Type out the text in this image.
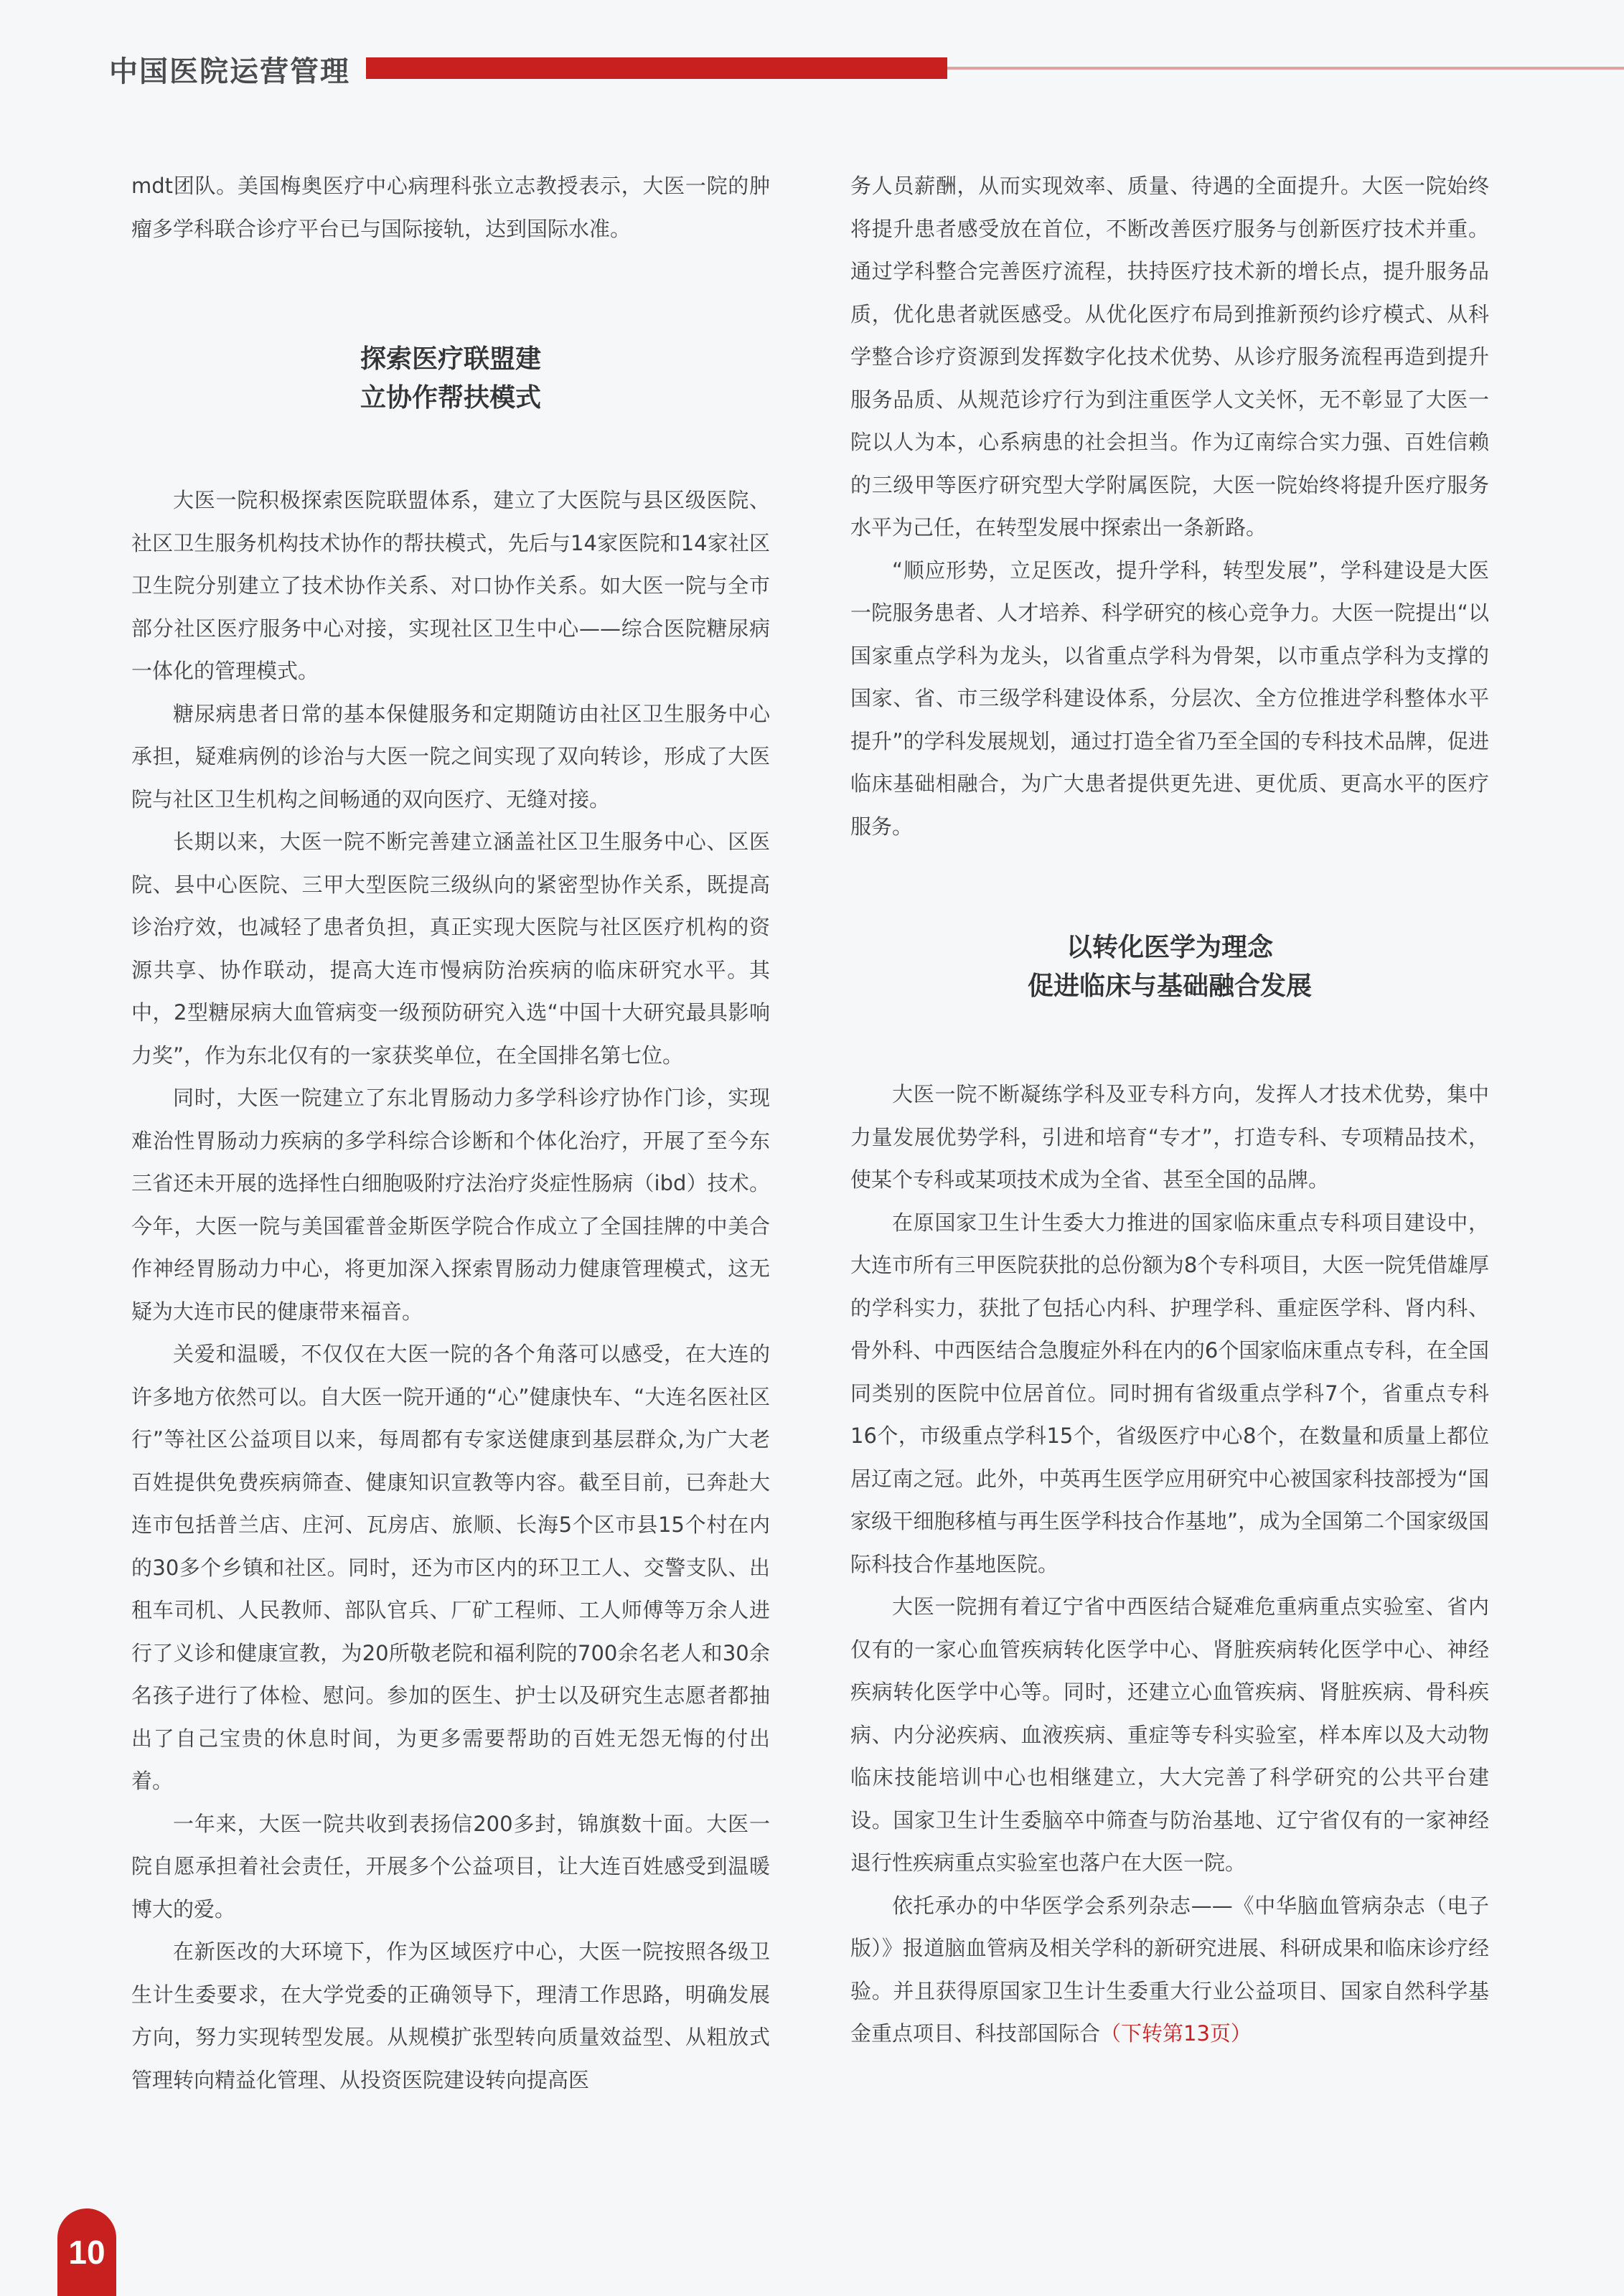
中国医院运营管理

mdt团队。美国梅奥医疗中心病理科张立志教授表示，大医一院的肿瘤多学科联合诊疗平台已与国际接轨，达到国际水准。

探索医疗联盟建

立协作帮扶模式

大医一院积极探索医院联盟体系，建立了大医院与县区级医院、社区卫生服务机构技术协作的帮扶模式，先后与14家医院和14家社区卫生院分别建立了技术协作关系、对口协作关系。如大医一院与全市部分社区医疗服务中心对接，实现社区卫生中心——综合医院糖尿病一体化的管理模式。

糖尿病患者日常的基本保健服务和定期随访由社区卫生服务中心承担，疑难病例的诊治与大医一院之间实现了双向转诊，形成了大医院与社区卫生机构之间畅通的双向医疗、无缝对接。

长期以来，大医一院不断完善建立涵盖社区卫生服务中心、区医院、县中心医院、三甲大型医院三级纵向的紧密型协作关系，既提高诊治疗效，也减轻了患者负担，真正实现大医院与社区医疗机构的资源共享、协作联动，提高大连市慢病防治疾病的临床研究水平。其中，2型糖尿病大血管病变一级预防研究入选“中国十大研究最具影响力奖”，作为东北仅有的一家获奖单位，在全国排名第七位。

同时，大医一院建立了东北胃肠动力多学科诊疗协作门诊，实现难治性胃肠动力疾病的多学科综合诊断和个体化治疗，开展了至今东三省还未开展的选择性白细胞吸附疗法治疗炎症性肠病（ibd）技术。今年，大医一院与美国霍普金斯医学院合作成立了全国挂牌的中美合作神经胃肠动力中心，将更加深入探索胃肠动力健康管理模式，这无疑为大连市民的健康带来福音。

关爱和温暖，不仅仅在大医一院的各个角落可以感受，在大连的许多地方依然可以。自大医一院开通的“心”健康快车、“大连名医社区行”等社区公益项目以来，每周都有专家送健康到基层群众,为广大老百姓提供免费疾病筛查、健康知识宣教等内容。截至目前，已奔赴大连市包括普兰店、庄河、瓦房店、旅顺、长海5个区市县15个村在内的30多个乡镇和社区。同时，还为市区内的环卫工人、交警支队、出租车司机、人民教师、部队官兵、厂矿工程师、工人师傅等万余人进行了义诊和健康宣教，为20所敬老院和福利院的700余名老人和30余名孩子进行了体检、慰问。参加的医生、护士以及研究生志愿者都抽出了自己宝贵的休息时间，为更多需要帮助的百姓无怨无悔的付出着。

一年来，大医一院共收到表扬信200多封，锦旗数十面。大医一院自愿承担着社会责任，开展多个公益项目，让大连百姓感受到温暖博大的爱。

在新医改的大环境下，作为区域医疗中心，大医一院按照各级卫生计生委要求，在大学党委的正确领导下，理清工作思路，明确发展方向，努力实现转型发展。从规模扩张型转向质量效益型、从粗放式管理转向精益化管理、从投资医院建设转向提高医

务人员薪酬，从而实现效率、质量、待遇的全面提升。大医一院始终将提升患者感受放在首位，不断改善医疗服务与创新医疗技术并重。通过学科整合完善医疗流程，扶持医疗技术新的增长点，提升服务品质，优化患者就医感受。从优化医疗布局到推新预约诊疗模式、从科学整合诊疗资源到发挥数字化技术优势、从诊疗服务流程再造到提升服务品质、从规范诊疗行为到注重医学人文关怀，无不彰显了大医一院以人为本，心系病患的社会担当。作为辽南综合实力强、百姓信赖的三级甲等医疗研究型大学附属医院，大医一院始终将提升医疗服务水平为己任，在转型发展中探索出一条新路。

“顺应形势，立足医改，提升学科，转型发展”，学科建设是大医一院服务患者、人才培养、科学研究的核心竞争力。大医一院提出“以国家重点学科为龙头，以省重点学科为骨架，以市重点学科为支撑的国家、省、市三级学科建设体系，分层次、全方位推进学科整体水平提升”的学科发展规划，通过打造全省乃至全国的专科技术品牌，促进临床基础相融合，为广大患者提供更先进、更优质、更高水平的医疗服务。

以转化医学为理念

促进临床与基础融合发展

大医一院不断凝练学科及亚专科方向，发挥人才技术优势，集中力量发展优势学科，引进和培育“专才”，打造专科、专项精品技术，使某个专科或某项技术成为全省、甚至全国的品牌。

在原国家卫生计生委大力推进的国家临床重点专科项目建设中，大连市所有三甲医院获批的总份额为8个专科项目，大医一院凭借雄厚的学科实力，获批了包括心内科、护理学科、重症医学科、肾内科、骨外科、中西医结合急腹症外科在内的6个国家临床重点专科，在全国同类别的医院中位居首位。同时拥有省级重点学科7个，省重点专科16个，市级重点学科15个，省级医疗中心8个，在数量和质量上都位居辽南之冠。此外，中英再生医学应用研究中心被国家科技部授为“国家级干细胞移植与再生医学科技合作基地”，成为全国第二个国家级国际科技合作基地医院。

大医一院拥有着辽宁省中西医结合疑难危重病重点实验室、省内仅有的一家心血管疾病转化医学中心、肾脏疾病转化医学中心、神经疾病转化医学中心等。同时，还建立心血管疾病、肾脏疾病、骨科疾病、内分泌疾病、血液疾病、重症等专科实验室，样本库以及大动物临床技能培训中心也相继建立，大大完善了科学研究的公共平台建设。国家卫生计生委脑卒中筛查与防治基地、辽宁省仅有的一家神经退行性疾病重点实验室也落户在大医一院。

依托承办的中华医学会系列杂志——《中华脑血管病杂志（电子版）》报道脑血管病及相关学科的新研究进展、科研成果和临床诊疗经验。并且获得原国家卫生计生委重大行业公益项目、国家自然科学基金重点项目、科技部国际合（下转第13页）

10
